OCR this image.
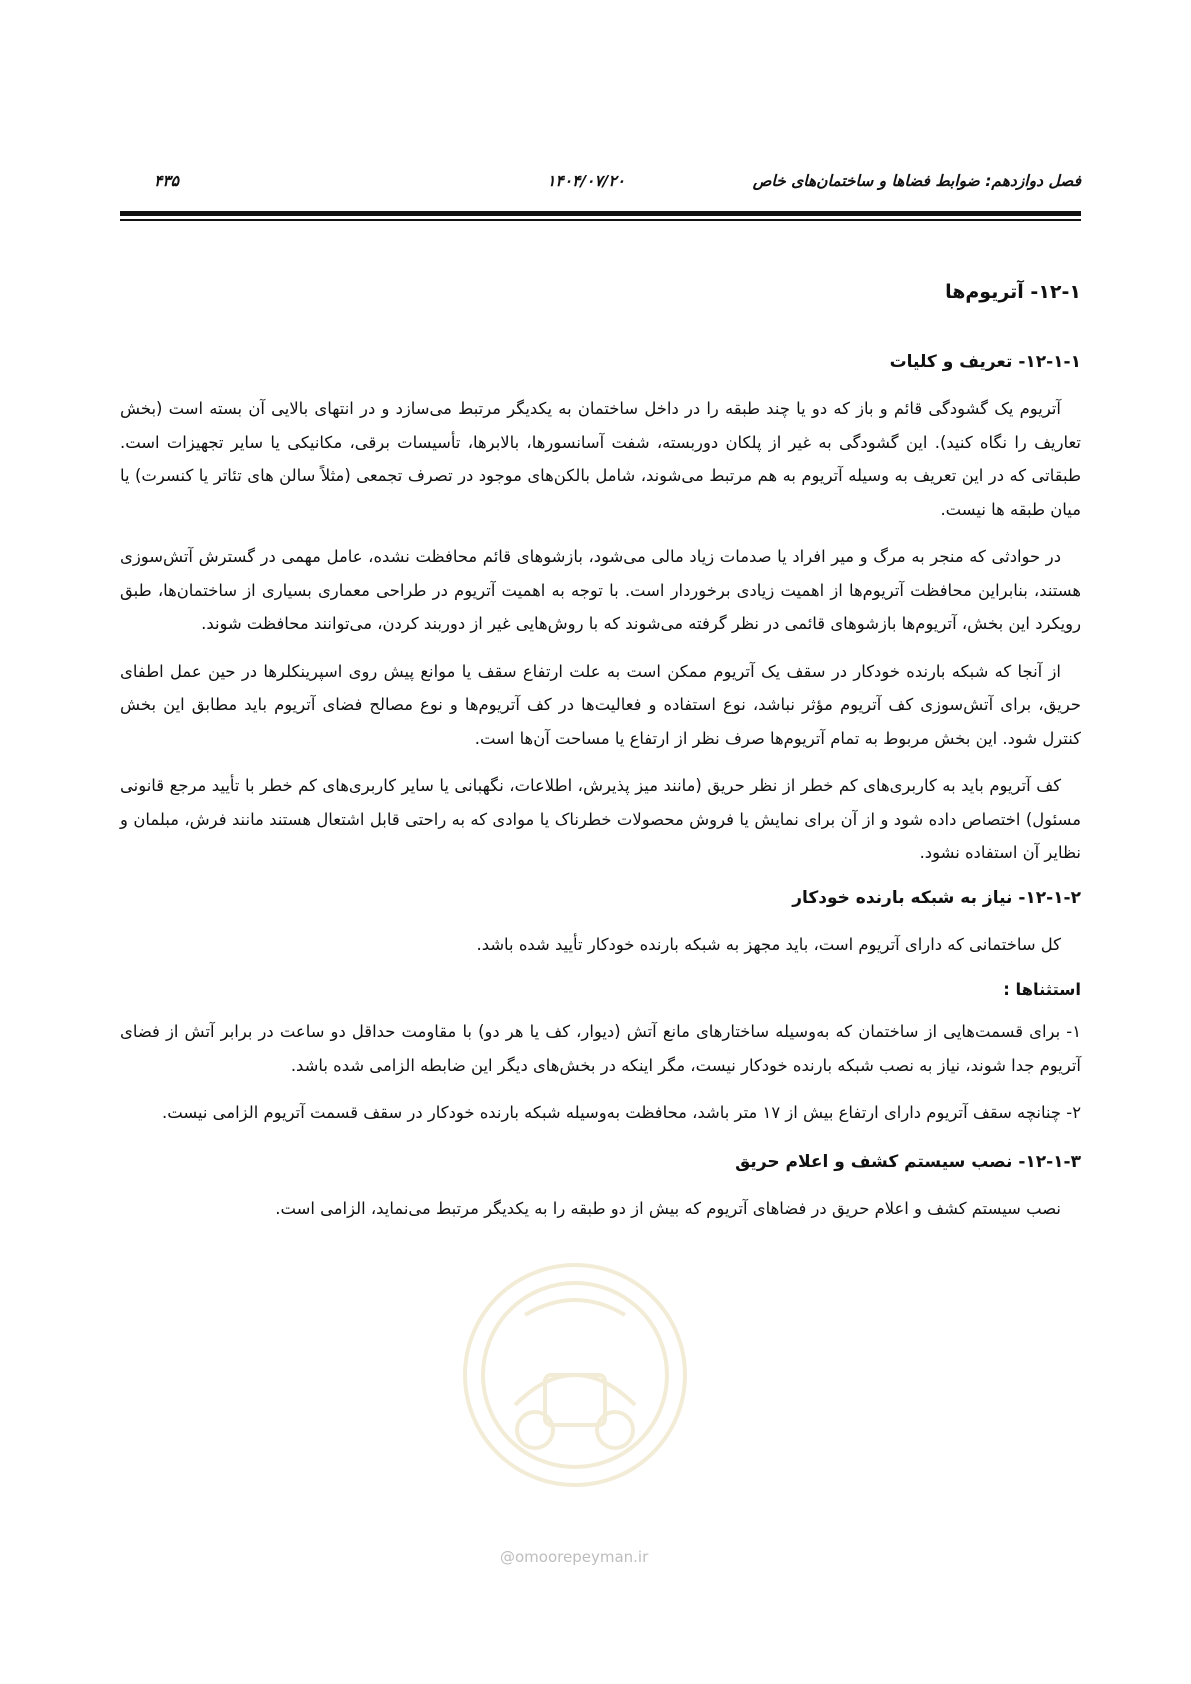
فصل دوازدهم: ضوابط فضاها و ساختمان‌های خاص
۱۴۰۴/۰۷/۲۰
۴۳۵
۱۲-۱- آتریوم‌ها
۱۲-۱-۱- تعریف و کلیات

آتریوم یک گشودگی قائم و باز که دو یا چند طبقه را در داخل ساختمان به یکدیگر مرتبط می‌سازد و در انتهای بالایی آن بسته است (بخش تعاریف را نگاه کنید). این گشودگی به غیر از پلکان دوربسته، شفت آسانسورها، بالابرها، تأسیسات برقی، مکانیکی یا سایر تجهیزات است. طبقاتی که در این تعریف به وسیله آتریوم به هم مرتبط می‌شوند، شامل بالکن‌های موجود در تصرف تجمعی (مثلاً سالن های تئاتر یا کنسرت) یا میان طبقه ها نیست.

در حوادثی که منجر به مرگ و میر افراد یا صدمات زیاد مالی می‌شود، بازشوهای قائم محافظت نشده، عامل مهمی در گسترش آتش‌سوزی هستند، بنابراین محافظت آتریوم‌ها از اهمیت زیادی برخوردار است. با توجه به اهمیت آتریوم در طراحی معماری بسیاری از ساختمان‌ها، طبق رویکرد این بخش، آتریوم‌ها بازشوهای قائمی در نظر گرفته می‌شوند که با روش‌هایی غیر از دوربند کردن، می‌توانند محافظت شوند.

از آنجا که شبکه بارنده خودکار در سقف یک آتریوم ممکن است به علت ارتفاع سقف یا موانع پیش روی اسپرینکلرها در حین عمل اطفای حریق، برای آتش‌سوزی کف آتریوم مؤثر نباشد، نوع استفاده و فعالیت‌ها در کف آتریوم‌ها و نوع مصالح فضای آتریوم باید مطابق این بخش کنترل شود. این بخش مربوط به تمام آتریوم‌ها صرف نظر از ارتفاع یا مساحت آن‌ها است.

کف آتریوم باید به کاربری‌های کم خطر از نظر حریق (مانند میز پذیرش، اطلاعات، نگهبانی یا سایر کاربری‌های کم خطر با تأیید مرجع قانونی مسئول) اختصاص داده شود و از آن برای نمایش یا فروش محصولات خطرناک یا موادی که به راحتی قابل اشتعال هستند مانند فرش، مبلمان و نظایر آن استفاده نشود.

۱۲-۱-۲- نیاز به شبکه بارنده خودکار

کل ساختمانی که دارای آتریوم است، باید مجهز به شبکه بارنده خودکار تأیید شده باشد.

استثناها :

۱- برای قسمت‌هایی از ساختمان که به‌وسیله ساختارهای مانع آتش (دیوار، کف یا هر دو) با مقاومت حداقل دو ساعت در برابر آتش از فضای آتریوم جدا شوند، نیاز به نصب شبکه بارنده خودکار نیست، مگر اینکه در بخش‌های دیگر این ضابطه الزامی شده باشد.

۲- چنانچه سقف آتریوم دارای ارتفاع بیش از ۱۷ متر باشد، محافظت به‌وسیله شبکه بارنده خودکار در سقف قسمت آتریوم الزامی نیست.

۱۲-۱-۳- نصب سیستم کشف و اعلام حریق

نصب سیستم کشف و اعلام حریق در فضاهای آتریوم که بیش از دو طبقه را به یکدیگر مرتبط می‌نماید، الزامی است.

@omoorepeyman.ir
